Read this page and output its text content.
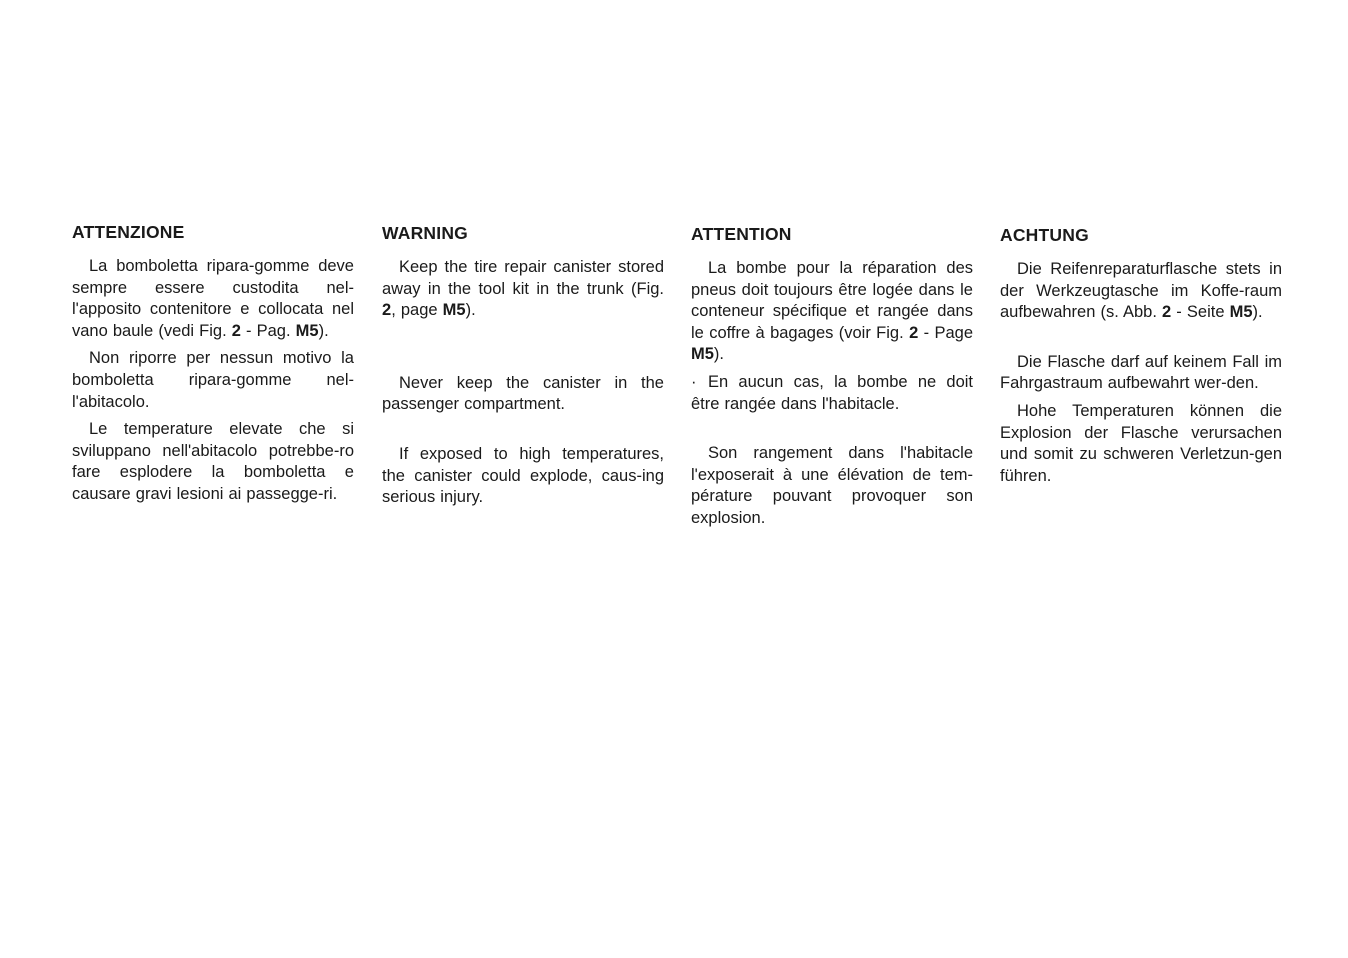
ATTENZIONE

La bomboletta ripara-gomme deve sempre essere custodita nel-l'apposito contenitore e collocata nel vano baule (vedi Fig. 2 - Pag. M5).

Non riporre per nessun motivo la bomboletta ripara-gomme nel-l'abitacolo.

Le temperature elevate che si sviluppano nell'abitacolo potrebbe-ro fare esplodere la bomboletta e causare gravi lesioni ai passegge-ri.

WARNING

Keep the tire repair canister stored away in the tool kit in the trunk (Fig. 2, page M5).

Never keep the canister in the passenger compartment.

If exposed to high temperatures, the canister could explode, caus-ing serious injury.

ATTENTION

La bombe pour la réparation des pneus doit toujours être logée dans le conteneur spécifique et rangée dans le coffre à bagages (voir Fig. 2 - Page M5).

· En aucun cas, la bombe ne doit être rangée dans l'habitacle.

Son rangement dans l'habitacle l'exposerait à une élévation de tem-pérature pouvant provoquer son explosion.

ACHTUNG

Die Reifenreparaturflasche stets in der Werkzeugtasche im Koffe-raum aufbewahren (s. Abb. 2 - Seite M5).

Die Flasche darf auf keinem Fall im Fahrgastraum aufbewahrt wer-den.

Hohe Temperaturen können die Explosion der Flasche verursachen und somit zu schweren Verletzun-gen führen.
